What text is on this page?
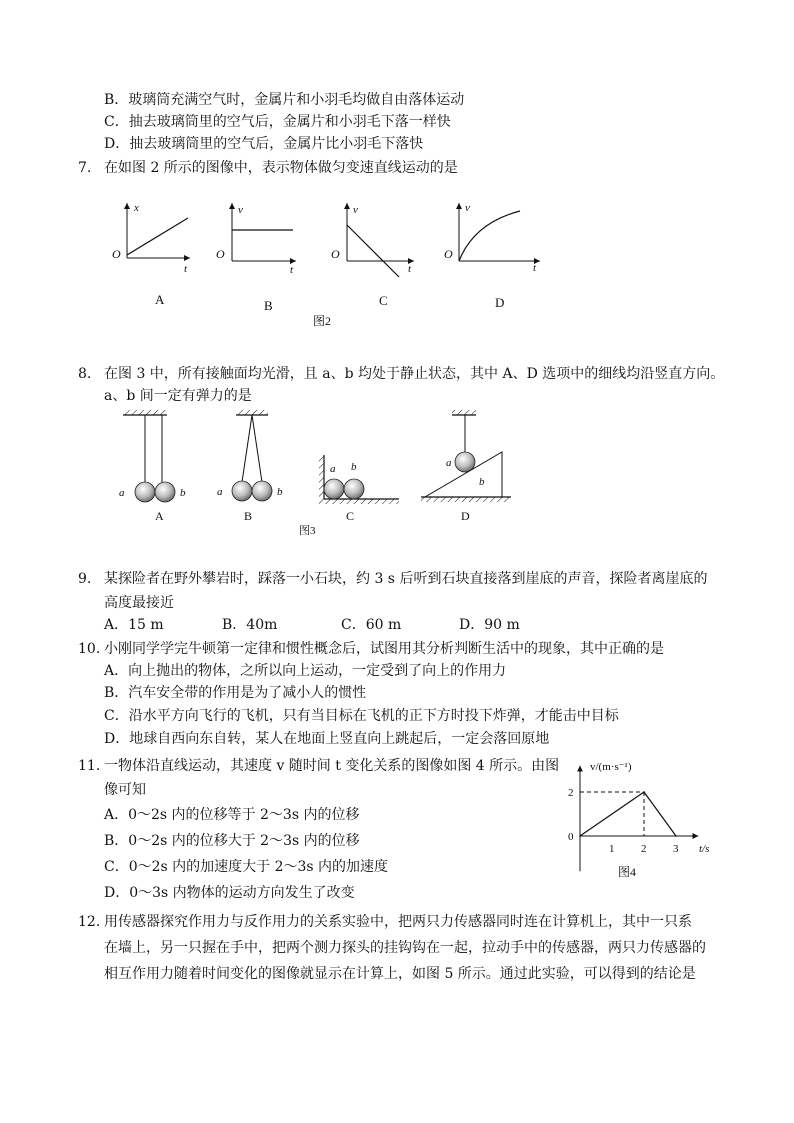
B．玻璃筒充满空气时，金属片和小羽毛均做自由落体运动
C．抽去玻璃筒里的空气后，金属片和小羽毛下落一样快
D．抽去玻璃筒里的空气后，金属片比小羽毛下落快
7. 在如图 2 所示的图像中，表示物体做匀变速直线运动的是
x
O
t
A
v
O
t
B
v
O
t
C
v
O
t
D
图2
8. 在图 3 中，所有接触面均光滑，且 a、b 均处于静止状态，其中 A、D 选项中的细线均沿竖直方向。
a、b 间一定有弹力的是
a	b
A
a	b
B
a b
C
a
b
D
图3
9. 某探险者在野外攀岩时，踩落一小石块，约 3 s 后听到石块直接落到崖底的声音，探险者离崖底的
高度最接近
A．15 m	B．40m	C．60 m	D．90 m
10. 小刚同学学完牛顿第一定律和惯性概念后，试图用其分析判断生活中的现象，其中正确的是
A．向上抛出的物体，之所以向上运动，一定受到了向上的作用力
B．汽车安全带的作用是为了减小人的惯性
C．沿水平方向飞行的飞机，只有当目标在飞机的正下方时投下炸弹，才能击中目标
D．地球自西向东自转，某人在地面上竖直向上跳起后，一定会落回原地
11. 一物体沿直线运动，其速度 v 随时间 t 变化关系的图像如图 4 所示。由图
像可知
A．0～2s 内的位移等于 2～3s 内的位移
B．0～2s 内的位移大于 2～3s 内的位移
C．0～2s 内的加速度大于 2～3s 内的加速度
D．0～3s 内物体的运动方向发生了改变
0
2
1 2 3
v/(m·s⁻¹)
t/s
图4
12. 用传感器探究作用力与反作用力的关系实验中，把两只力传感器同时连在计算机上，其中一只系
在墙上，另一只握在手中，把两个测力探头的挂钩钩在一起，拉动手中的传感器，两只力传感器的
相互作用力随着时间变化的图像就显示在计算上，如图 5 所示。通过此实验，可以得到的结论是
